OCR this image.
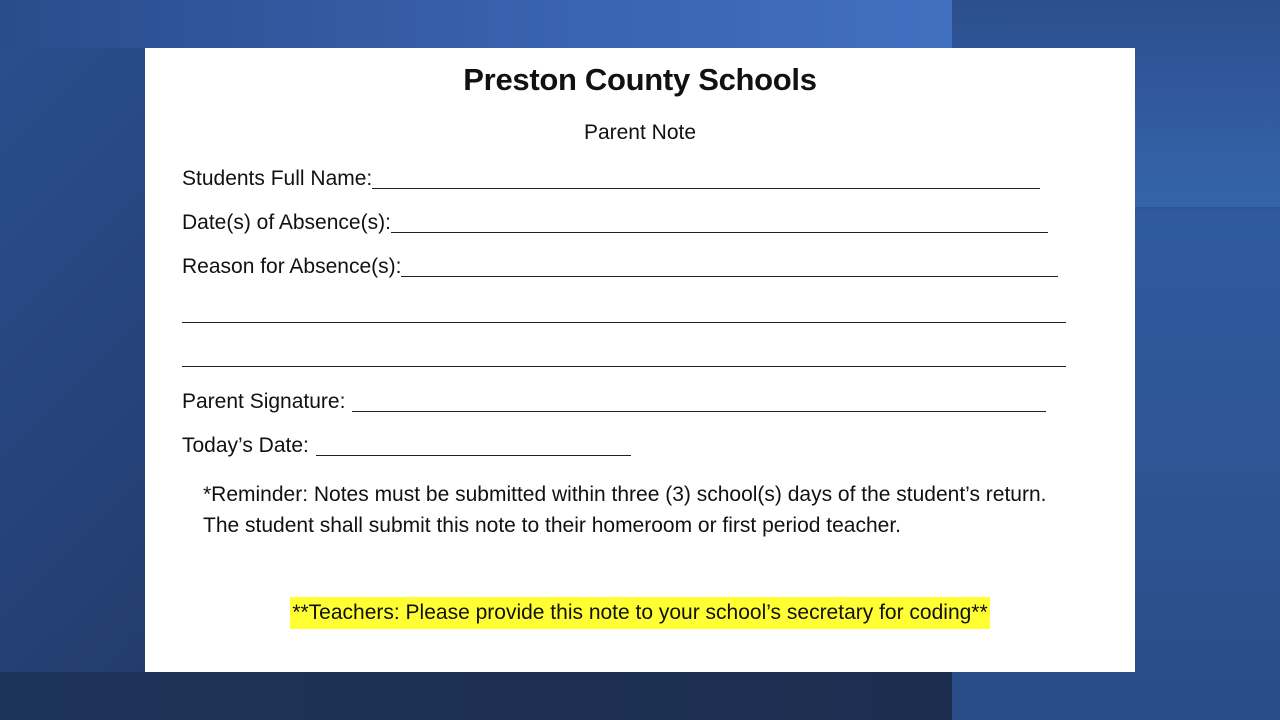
Preston County Schools
Parent Note
Students Full Name:
Date(s) of Absence(s):
Reason for Absence(s):
Parent Signature:
Today’s Date:
*Reminder: Notes must be submitted within three (3) school(s) days of the student’s return. The student shall submit this note to their homeroom or first period teacher.
**Teachers: Please provide this note to your school’s secretary for coding**
